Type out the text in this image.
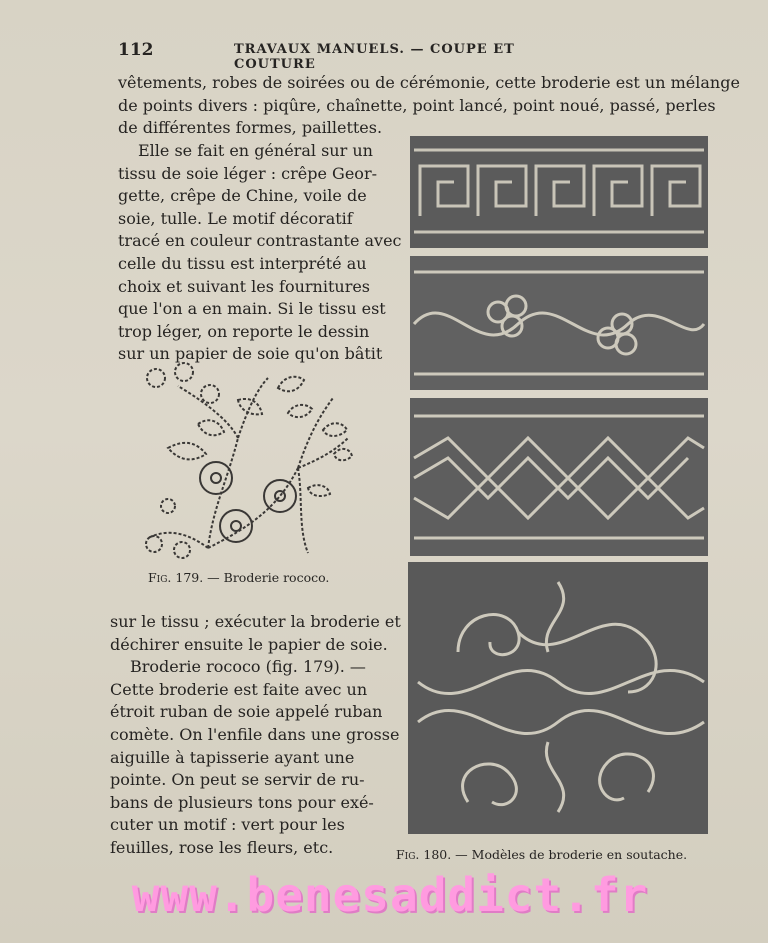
112	TRAVAUX MANUELS. — COUPE ET COUTURE
vêtements, robes de soirées ou de cérémonie, cette broderie est un mélange
de points divers : piqûre, chaînette, point lancé, point noué, passé, perles
de différentes formes, paillettes.
Elle se fait en général sur un
tissu de soie léger : crêpe Geor-
gette, crêpe de Chine, voile de
soie, tulle. Le motif décoratif
tracé en couleur contrastante avec
celle du tissu est interprété au
choix et suivant les fournitures
que l'on a en main. Si le tissu est
trop léger, on reporte le dessin
sur un papier de soie qu'on bâtit
Fig. 179. — Broderie rococo.
sur le tissu ; exécuter la broderie et
déchirer ensuite le papier de soie.
Broderie rococo (fig. 179). —
Cette broderie est faite avec un
étroit ruban de soie appelé ruban
comète. On l'enfile dans une grosse
aiguille à tapisserie ayant une
pointe. On peut se servir de ru-
bans de plusieurs tons pour exé-
cuter un motif : vert pour les
feuilles, rose les fleurs, etc.	Fig. 180. — Modèles de broderie en soutache.
www.benesaddict.fr
